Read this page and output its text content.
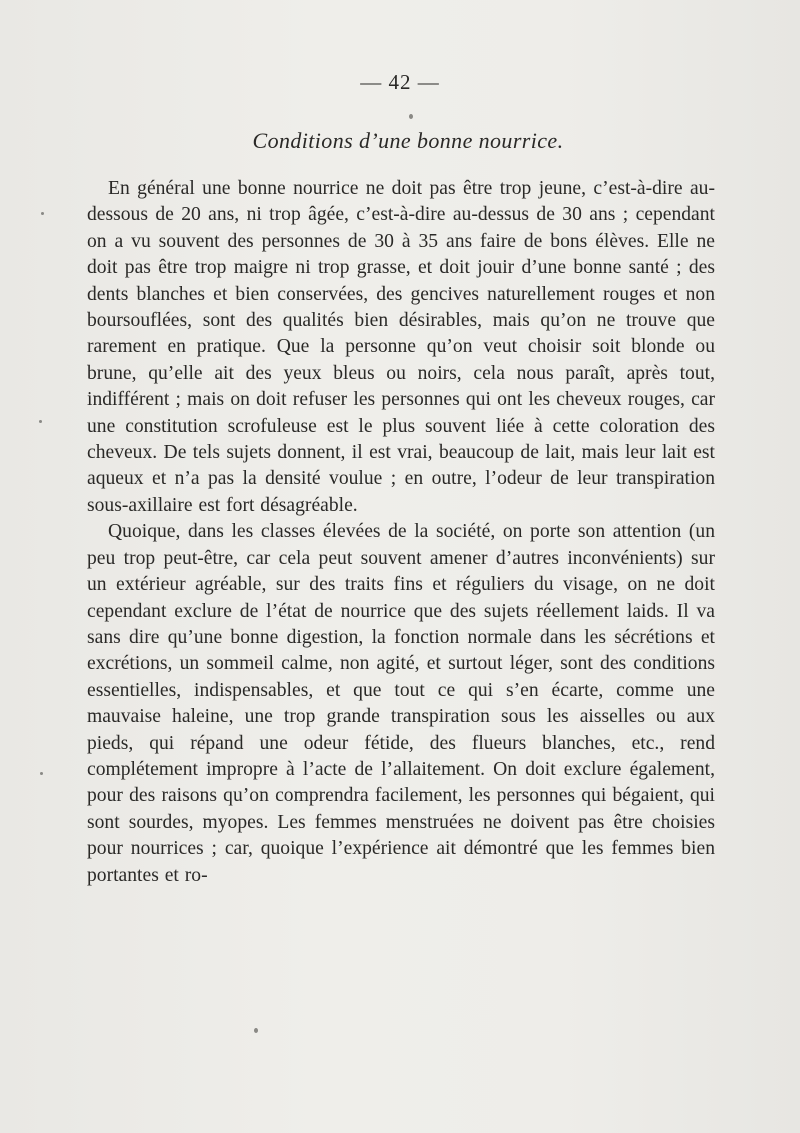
— 42 —
Conditions d’une bonne nourrice.

En général une bonne nourrice ne doit pas être trop jeune, c’est-à-dire au-dessous de 20 ans, ni trop âgée, c’est-à-dire au-dessus de 30 ans ; cependant on a vu souvent des personnes de 30 à 35 ans faire de bons élèves. Elle ne doit pas être trop maigre ni trop grasse, et doit jouir d’une bonne santé ; des dents blanches et bien conservées, des gencives naturellement rouges et non boursouflées, sont des qualités bien désirables, mais qu’on ne trouve que rarement en pratique. Que la personne qu’on veut choisir soit blonde ou brune, qu’elle ait des yeux bleus ou noirs, cela nous paraît, après tout, indifférent ; mais on doit refuser les personnes qui ont les cheveux rouges, car une constitution scrofuleuse est le plus souvent liée à cette coloration des cheveux. De tels sujets donnent, il est vrai, beaucoup de lait, mais leur lait est aqueux et n’a pas la densité voulue ; en outre, l’odeur de leur transpiration sous-axillaire est fort désagréable.

Quoique, dans les classes élevées de la société, on porte son attention (un peu trop peut-être, car cela peut souvent amener d’autres inconvénients) sur un extérieur agréable, sur des traits fins et réguliers du visage, on ne doit cependant exclure de l’état de nourrice que des sujets réellement laids. Il va sans dire qu’une bonne digestion, la fonction normale dans les sécrétions et excrétions, un sommeil calme, non agité, et surtout léger, sont des conditions essentielles, indispensables, et que tout ce qui s’en écarte, comme une mauvaise haleine, une trop grande transpiration sous les aisselles ou aux pieds, qui répand une odeur fétide, des flueurs blanches, etc., rend complétement impropre à l’acte de l’allaitement. On doit exclure également, pour des raisons qu’on comprendra facilement, les personnes qui bégaient, qui sont sourdes, myopes. Les femmes menstruées ne doivent pas être choisies pour nourrices ; car, quoique l’expérience ait démontré que les femmes bien portantes et ro-
